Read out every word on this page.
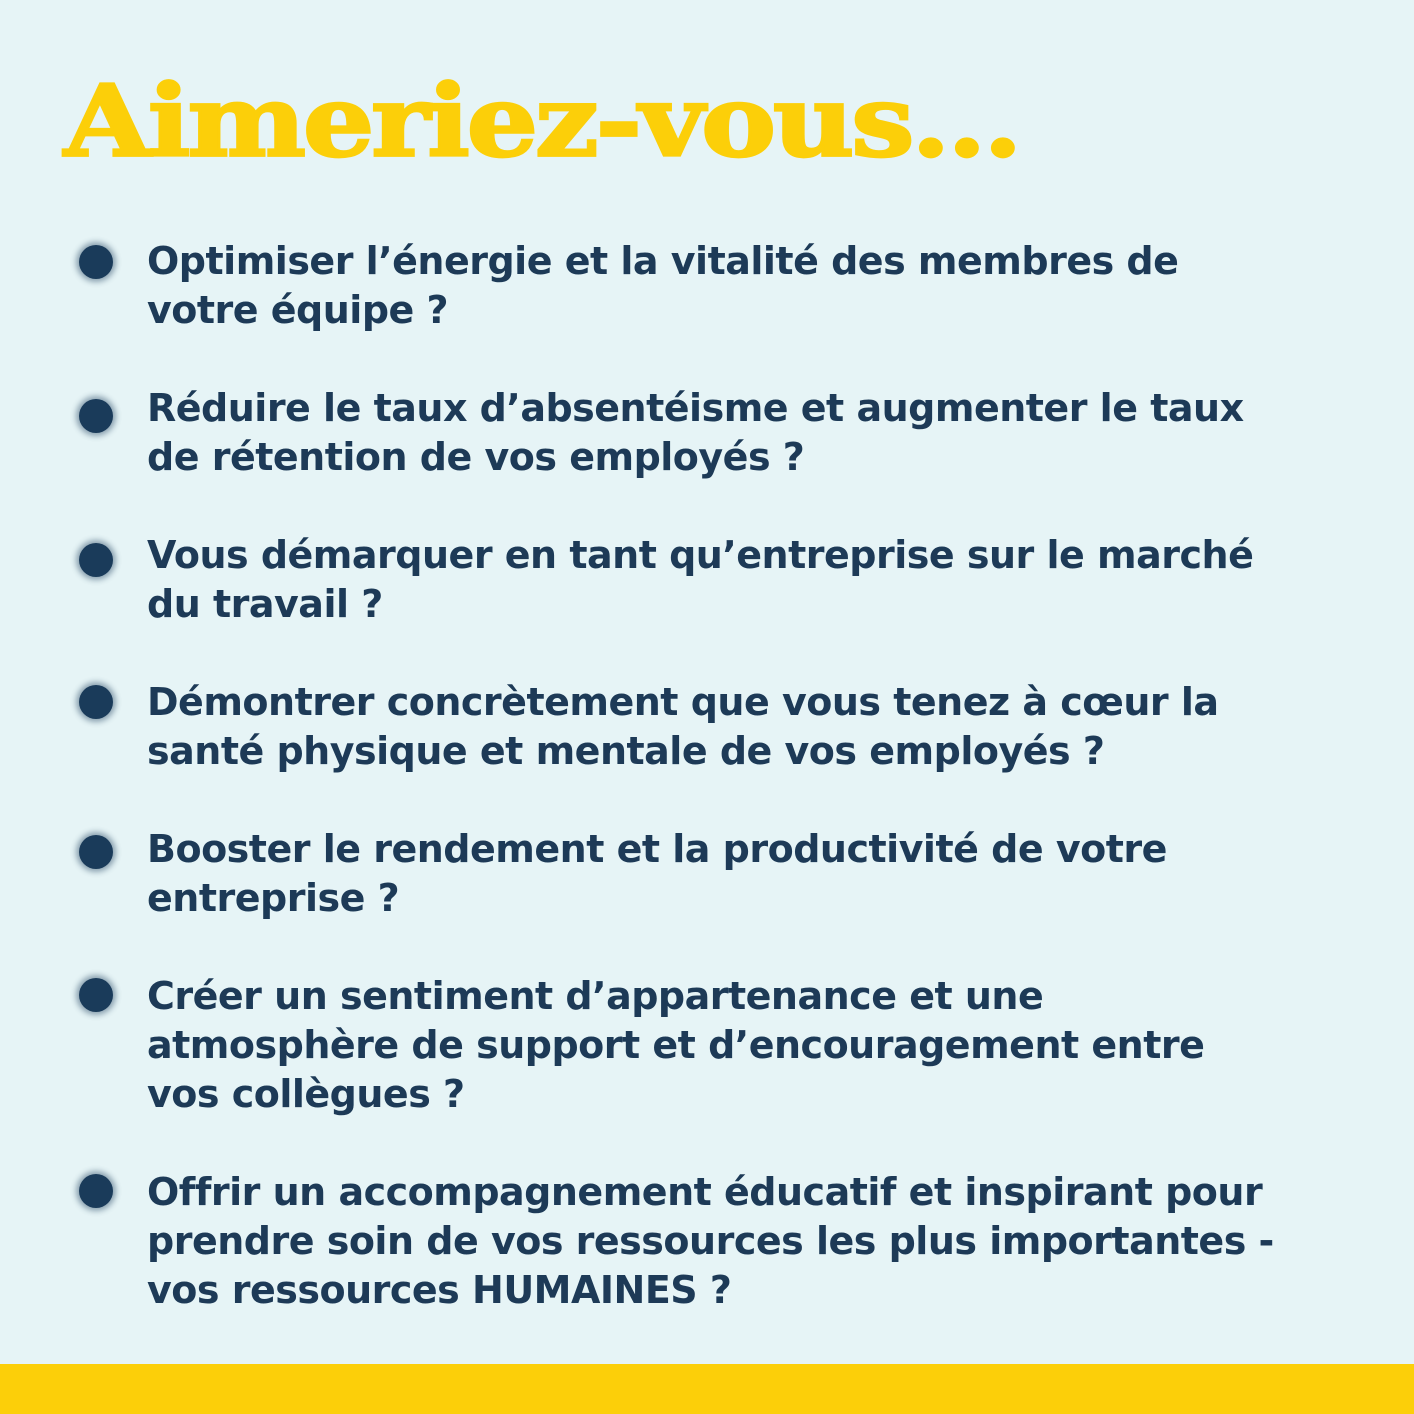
Aimeriez-vous...

Optimiser l’énergie et la vitalité des membres de votre équipe ?

Réduire le taux d’absentéisme et augmenter le taux de rétention de vos employés ?

Vous démarquer en tant qu’entreprise sur le marché du travail ?

Démontrer concrètement que vous tenez à cœur la santé physique et mentale de vos employés ?

Booster le rendement et la productivité de votre entreprise ?

Créer un sentiment d’appartenance et une atmosphère de support et d’encouragement entre vos collègues ?

Offrir un accompagnement éducatif et inspirant pour prendre soin de vos ressources les plus importantes - vos ressources HUMAINES ?
